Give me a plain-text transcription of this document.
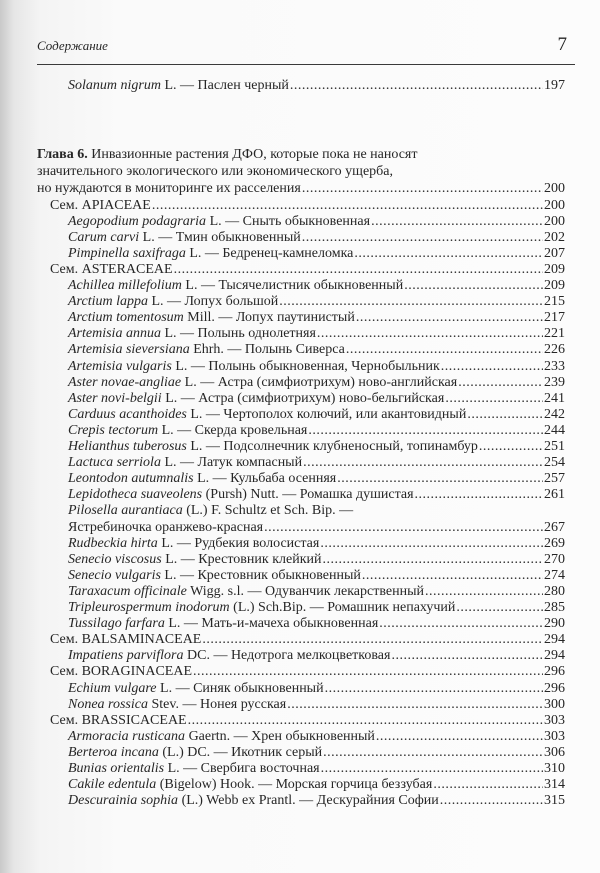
Содержание	7
Solanum nigrum L. — Паслен черный .....	197
Глава 6. Инвазионные растения ДФО, которые пока не наносят
значительного экологического или экономического ущерба,
но нуждаются в мониторинге их расселения .....	200
Сем. APIACEAE .....	200
Aegopodium podagraria L. — Сныть обыкновенная .....	200
Carum carvi L. — Тмин обыкновенный .....	202
Pimpinella saxifraga L. — Бедренец-камнеломка .....	207
Сем. ASTERACEAE .....	209
Achillea millefolium L. — Тысячелистник обыкновенный .....	209
Arctium lappa L. — Лопух большой .....	215
Arctium tomentosum Mill. — Лопух паутинистый .....	217
Artemisia annua L. — Полынь однолетняя .....	221
Artemisia sieversiana Ehrh. — Полынь Сиверса .....	226
Artemisia vulgaris L. — Полынь обыкновенная, Чернобыльник .....	233
Aster novae-angliae L. — Астра (симфиотрихум) ново-английская .....	239
Aster novi-belgii L. — Астра (симфиотрихум) ново-бельгийская .....	241
Carduus acanthoides L. — Чертополох колючий, или акантовидный .....	242
Crepis tectorum L. — Скерда кровельная .....	244
Helianthus tuberosus L. — Подсолнечник клубненосный, топинамбур .....	251
Lactuca serriola L. — Латук компасный .....	254
Leontodon autumnalis L. — Кульбаба осенняя .....	257
Lepidotheca suaveolens (Pursh) Nutt. — Ромашка душистая .....	261
Pilosella aurantiaca (L.) F. Schultz et Sch. Bip. —
Ястребиночка оранжево-красная .....	267
Rudbeckia hirta L. — Рудбекия волосистая .....	269
Senecio viscosus L. — Крестовник клейкий .....	270
Senecio vulgaris L. — Крестовник обыкновенный .....	274
Taraxacum officinale Wigg. s.l. — Одуванчик лекарственный .....	280
Tripleurospermum inodorum (L.) Sch.Bip. — Ромашник непахучий .....	285
Tussilago farfara L. — Мать-и-мачеха обыкновенная .....	290
Сем. BALSAMINACEAE .....	294
Impatiens parviflora DC. — Недотрога мелкоцветковая .....	294
Сем. BORAGINACEAE .....	296
Echium vulgare L. — Синяк обыкновенный .....	296
Nonea rossica Stev. — Нонея русская .....	300
Сем. BRASSICACEAE .....	303
Armoracia rusticana Gaertn. — Хрен обыкновенный .....	303
Berteroa incana (L.) DC. — Икотник серый .....	306
Bunias orientalis L. — Свербига восточная .....	310
Cakile edentula (Bigelow) Hook. — Морская горчица беззубая .....	314
Descurainia sophia (L.) Webb ex Prantl. — Дескурайния Софии .....	315
